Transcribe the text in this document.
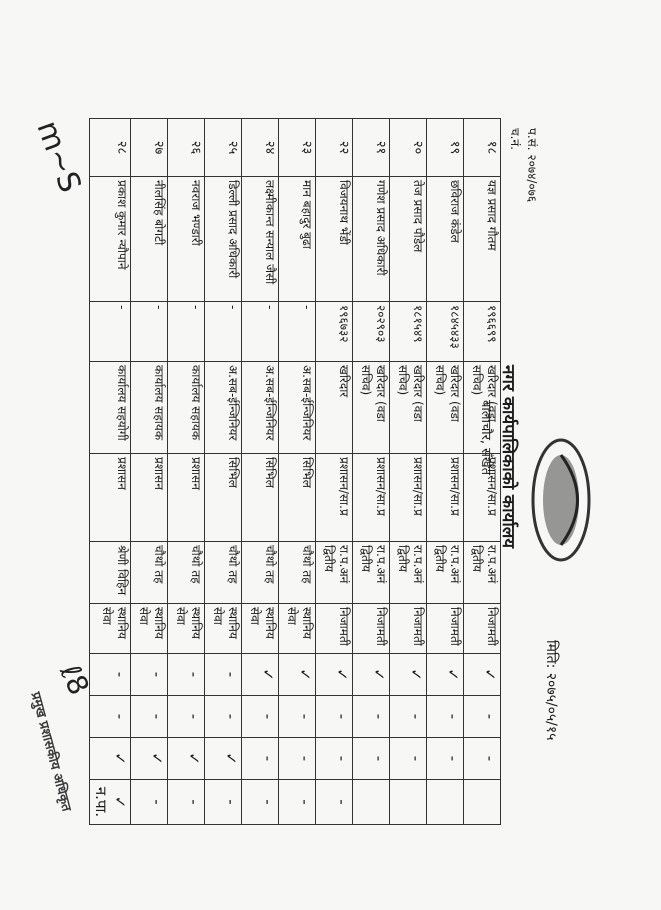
नगर कार्यपालिकाको कार्यालय
बालाचौर, सँखेत
प.सं. २०७४/०७६
च.नं.
मिति: २०७५/०५/१५
१८	यज्ञ प्रसाद गौतम	१९६६९९	खरिदार (वडा सचिव)	प्रशासन/सा.प्र	रा.प.अनं द्वितीय	निजामती	✓	-	-	
१९	छविराज कंडेल	१८४५४३३	खरिदार (वडा सचिव)	प्रशासन/सा.प्र	रा.प.अनं द्वितीय	निजामती	✓	-	-	
२०	तेज प्रसाद पौडेल	१८१५४९	खरिदार (वडा सचिव)	प्रशासन/सा.प्र	रा.प.अनं द्वितीय	निजामती	✓	-	-	
२१	गणेश प्रसाद अधिकारी	२०२९०३	खरिदार (वडा सचिव)	प्रशासन/सा.प्र	रा.प.अनं द्वितीय	निजामती	✓	-	-	
२२	विजयनाथ भेंडी	१९६७३२	खरिदार	प्रशासन/सा.प्र	रा.प.अनं द्वितीय	निजामती	✓	-	-	-
२३	मान बहादुर बुढा	-	अ.सब-ईन्जिनियर	सिभिल	चौथो तह	स्थानिय सेवा	✓	-	-	-
२४	लक्ष्मीकान्त सन्याल जैसी	-	अ.सब-ईन्जिनियर	सिभिल	चौथो तह	स्थानिय सेवा	✓	-	-	-
२५	डिल्ली प्रसाद अधिकारी	-	अ.सब-ईन्जिनियर	सिभिल	चौथो तह	स्थानिय सेवा	-	-	✓	-
२६	नवराज भण्डारी	-	कार्यालय सहायक	प्रशासन	चौथो तह	स्थानिय सेवा	-	-	✓	-
२७	नीलसिंह बोगटी	-	कार्यालय सहायक	प्रशासन	चौथो तह	स्थानिय सेवा	-	-	✓	-
२८	प्रकाश कुमार न्यौपाने	-	कार्यालय सहयोगी	प्रशासन	श्रेणी विहिन	स्थानिय सेवा	-	-	✓	✓ न.पा.
m~S
ℓ8
प्रमुख प्रशासकीय अधिकृत
